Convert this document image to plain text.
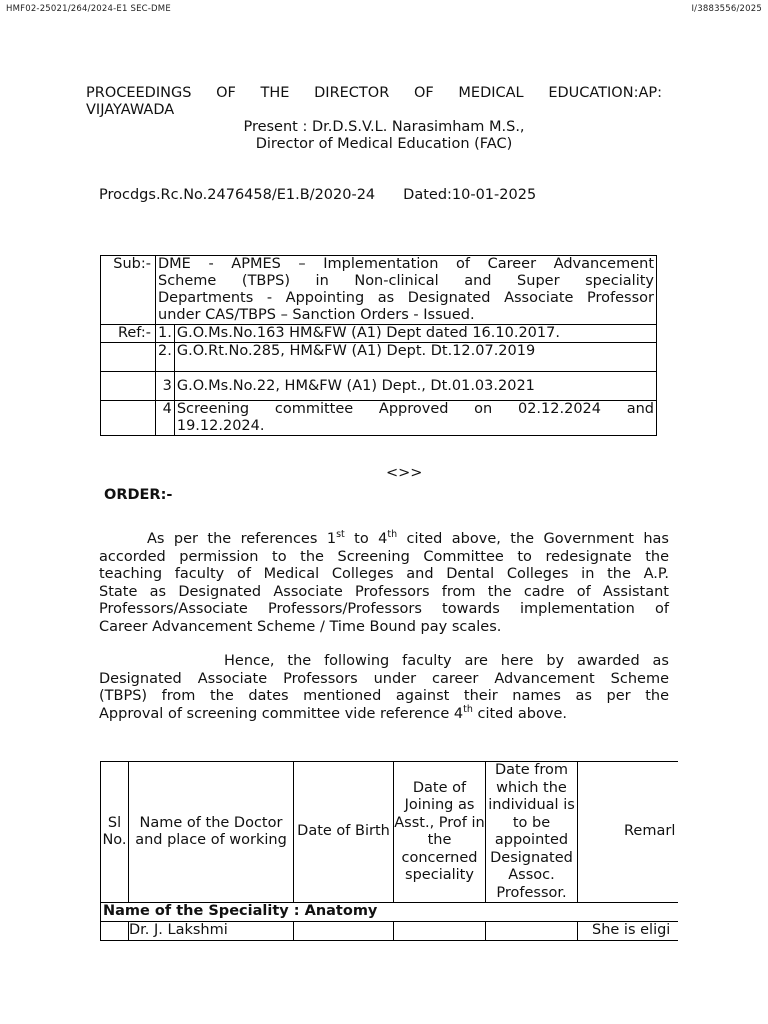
HMF02-25021/264/2024-E1 SEC-DME	I/3883556/2025
PROCEEDINGS OF THE DIRECTOR OF MEDICAL EDUCATION:AP:
VIJAYAWADA
Present : Dr.D.S.V.L. Narasimham M.S.,
Director of Medical Education (FAC)
Procdgs.Rc.No.2476458/E1.B/2020-24 Dated:10-01-2025
Sub:-	DME - APMES – Implementation of Career Advancement
Scheme (TBPS) in Non-clinical and Super speciality
Departments - Appointing as Designated Associate Professor
under CAS/TBPS – Sanction Orders - Issued.	

Ref:-	1.	G.O.Ms.No.163 HM&FW (A1) Dept dated 16.10.2017.
	2.	G.O.Rt.No.285, HM&FW (A1) Dept. Dt.12.07.2019
	3	G.O.Ms.No.22, HM&FW (A1) Dept., Dt.01.03.2021
	4	Screening committee Approved on 02.12.2024 and
19.12.2024.
<>>
ORDER:-
As per the references 1st to 4th cited above, the Government has
accorded permission to the Screening Committee to redesignate the
teaching faculty of Medical Colleges and Dental Colleges in the A.P.
State as Designated Associate Professors from the cadre of Assistant
Professors/Associate Professors/Professors towards implementation of
Career Advancement Scheme / Time Bound pay scales.
Hence, the following faculty are here by awarded as
Designated Associate Professors under career Advancement Scheme
(TBPS) from the dates mentioned against their names as per the
Approval of screening committee vide reference 4th cited above.
Sl No.	Name of the Doctor and place of working	Date of Birth	Date of Joining as Asst., Prof in the concerned speciality	Date from which the individual is to be appointed Designated Assoc. Professor.	Remarl
Name of the Speciality : Anatomy					
	Dr. J. Lakshmi				She is eligi
